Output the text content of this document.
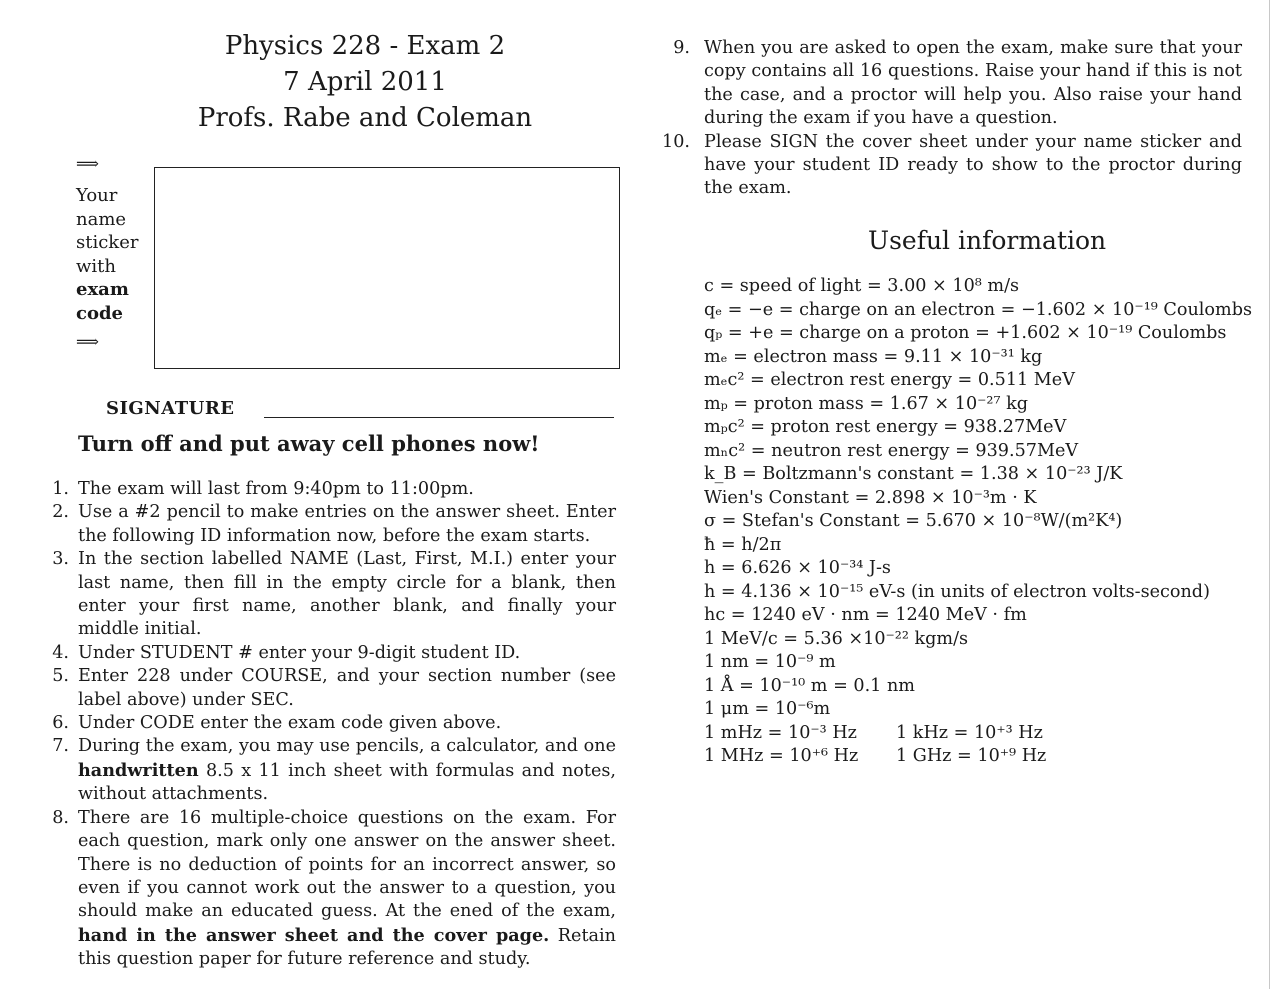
Physics 228 - Exam 2
7 April 2011
Profs. Rabe and Coleman
⟹
Your
name
sticker
with
exam
code
⟹
SIGNATURE
Turn off and put away cell phones now!
1. The exam will last from 9:40pm to 11:00pm.
2. Use a #2 pencil to make entries on the answer sheet. Enter the following ID information now, before the exam starts.
3. In the section labelled NAME (Last, First, M.I.) enter your last name, then fill in the empty circle for a blank, then enter your first name, another blank, and finally your middle initial.
4. Under STUDENT # enter your 9-digit student ID.
5. Enter 228 under COURSE, and your section number (see label above) under SEC.
6. Under CODE enter the exam code given above.
7. During the exam, you may use pencils, a calculator, and one handwritten 8.5 x 11 inch sheet with formulas and notes, without attachments.
8. There are 16 multiple-choice questions on the exam. For each question, mark only one answer on the answer sheet. There is no deduction of points for an incorrect answer, so even if you cannot work out the answer to a question, you should make an educated guess. At the ened of the exam, hand in the answer sheet and the cover page. Retain this question paper for future reference and study.
9. When you are asked to open the exam, make sure that your copy contains all 16 questions. Raise your hand if this is not the case, and a proctor will help you. Also raise your hand during the exam if you have a question.
10. Please SIGN the cover sheet under your name sticker and have your student ID ready to show to the proctor during the exam.
Useful information
c = speed of light = 3.00 × 10⁸ m/s
qₑ = −e = charge on an electron = −1.602 × 10⁻¹⁹ Coulombs
qₚ = +e = charge on a proton = +1.602 × 10⁻¹⁹ Coulombs
mₑ = electron mass = 9.11 × 10⁻³¹ kg
mₑc² = electron rest energy = 0.511 MeV
mₚ = proton mass = 1.67 × 10⁻²⁷ kg
mₚc² = proton rest energy = 938.27MeV
mₙc² = neutron rest energy = 939.57MeV
k_B = Boltzmann's constant = 1.38 × 10⁻²³ J/K
Wien's Constant = 2.898 × 10⁻³m · K
σ = Stefan's Constant = 5.670 × 10⁻⁸W/(m²K⁴)
ħ = h/2π
h = 6.626 × 10⁻³⁴ J-s
h = 4.136 × 10⁻¹⁵ eV-s (in units of electron volts-second)
hc = 1240 eV · nm = 1240 MeV · fm
1 MeV/c = 5.36 ×10⁻²² kgm/s
1 nm = 10⁻⁹ m
1 Å = 10⁻¹⁰ m = 0.1 nm
1 μm = 10⁻⁶m
1 mHz = 10⁻³ Hz	1 kHz = 10⁺³ Hz
1 MHz = 10⁺⁶ Hz	1 GHz = 10⁺⁹ Hz
